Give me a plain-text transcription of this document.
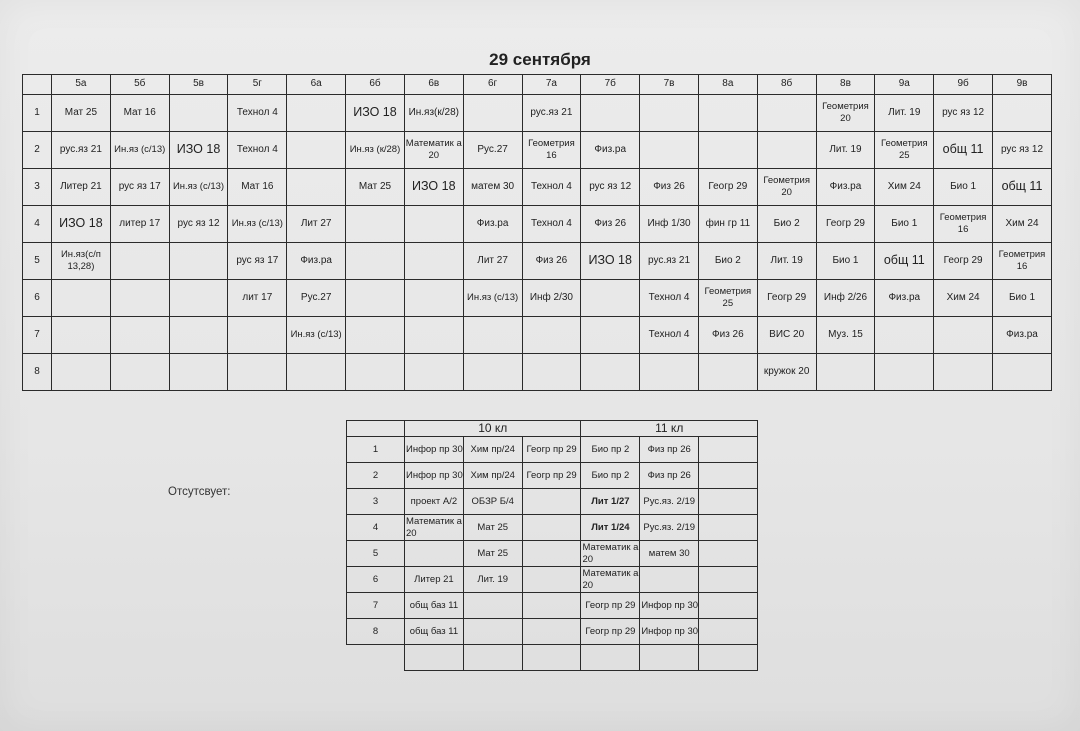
29 сентября
	5а	5б	5в	5г	6а	6б	6в	6г	7а	7б	7в	8а	8б	8в	9а	9б	9в
1	Мат 25	Мат 16		Технол 4		ИЗО 18	Ин.яз(к/28)		рус.яз 21					Геометрия 20	Лит. 19	рус яз 12	
2	рус.яз 21	Ин.яз (с/13)	ИЗО 18	Технол 4		Ин.яз (к/28)	Математик а 20	Рус.27	Геометрия 16	Физ.ра				Лит. 19	Геометрия 25	общ 11	рус яз 12
3	Литер 21	рус яз 17	Ин.яз (с/13)	Мат 16		Мат 25	ИЗО 18	матем 30	Технол 4	рус яз 12	Физ 26	Геогр 29	Геометрия 20	Физ.ра	Хим 24	Био 1	общ 11
4	ИЗО 18	литер 17	рус яз 12	Ин.яз (с/13)	Лит 27			Физ.ра	Технол 4	Физ 26	Инф 1/30	фин гр 11	Био 2	Геогр 29	Био 1	Геометрия 16	Хим 24
5	Ин.яз(с/п 13,28)			рус яз 17	Физ.ра			Лит 27	Физ 26	ИЗО 18	рус.яз 21	Био 2	Лит. 19	Био 1	общ 11	Геогр 29	Геометрия 16
6				лит 17	Рус.27			Ин.яз (с/13)	Инф 2/30		Технол 4	Геометрия 25	Геогр 29	Инф 2/26	Физ.ра	Хим 24	Био 1
7					Ин.яз (с/13)						Технол 4	Физ 26	ВИС 20	Муз. 15			Физ.ра
8													кружок 20				
Отсутсвует:
	10 кл			11 кл		
1	Инфор пр 30	Хим пр/24	Геогр пр 29	Био пр 2	Физ пр 26	
2	Инфор пр 30	Хим пр/24	Геогр пр 29	Био пр 2	Физ пр 26	
3	проект А/2	ОБЗР Б/4		Лит 1/27	Рус.яз. 2/19	
4	Математик а 20	Мат 25		Лит 1/24	Рус.яз. 2/19	
5		Мат 25		Математик а 20	матем 30	
6	Литер 21	Лит. 19		Математик а 20		
7	общ баз 11			Геогр пр 29	Инфор пр 30	
8	общ баз 11			Геогр пр 29	Инфор пр 30	
